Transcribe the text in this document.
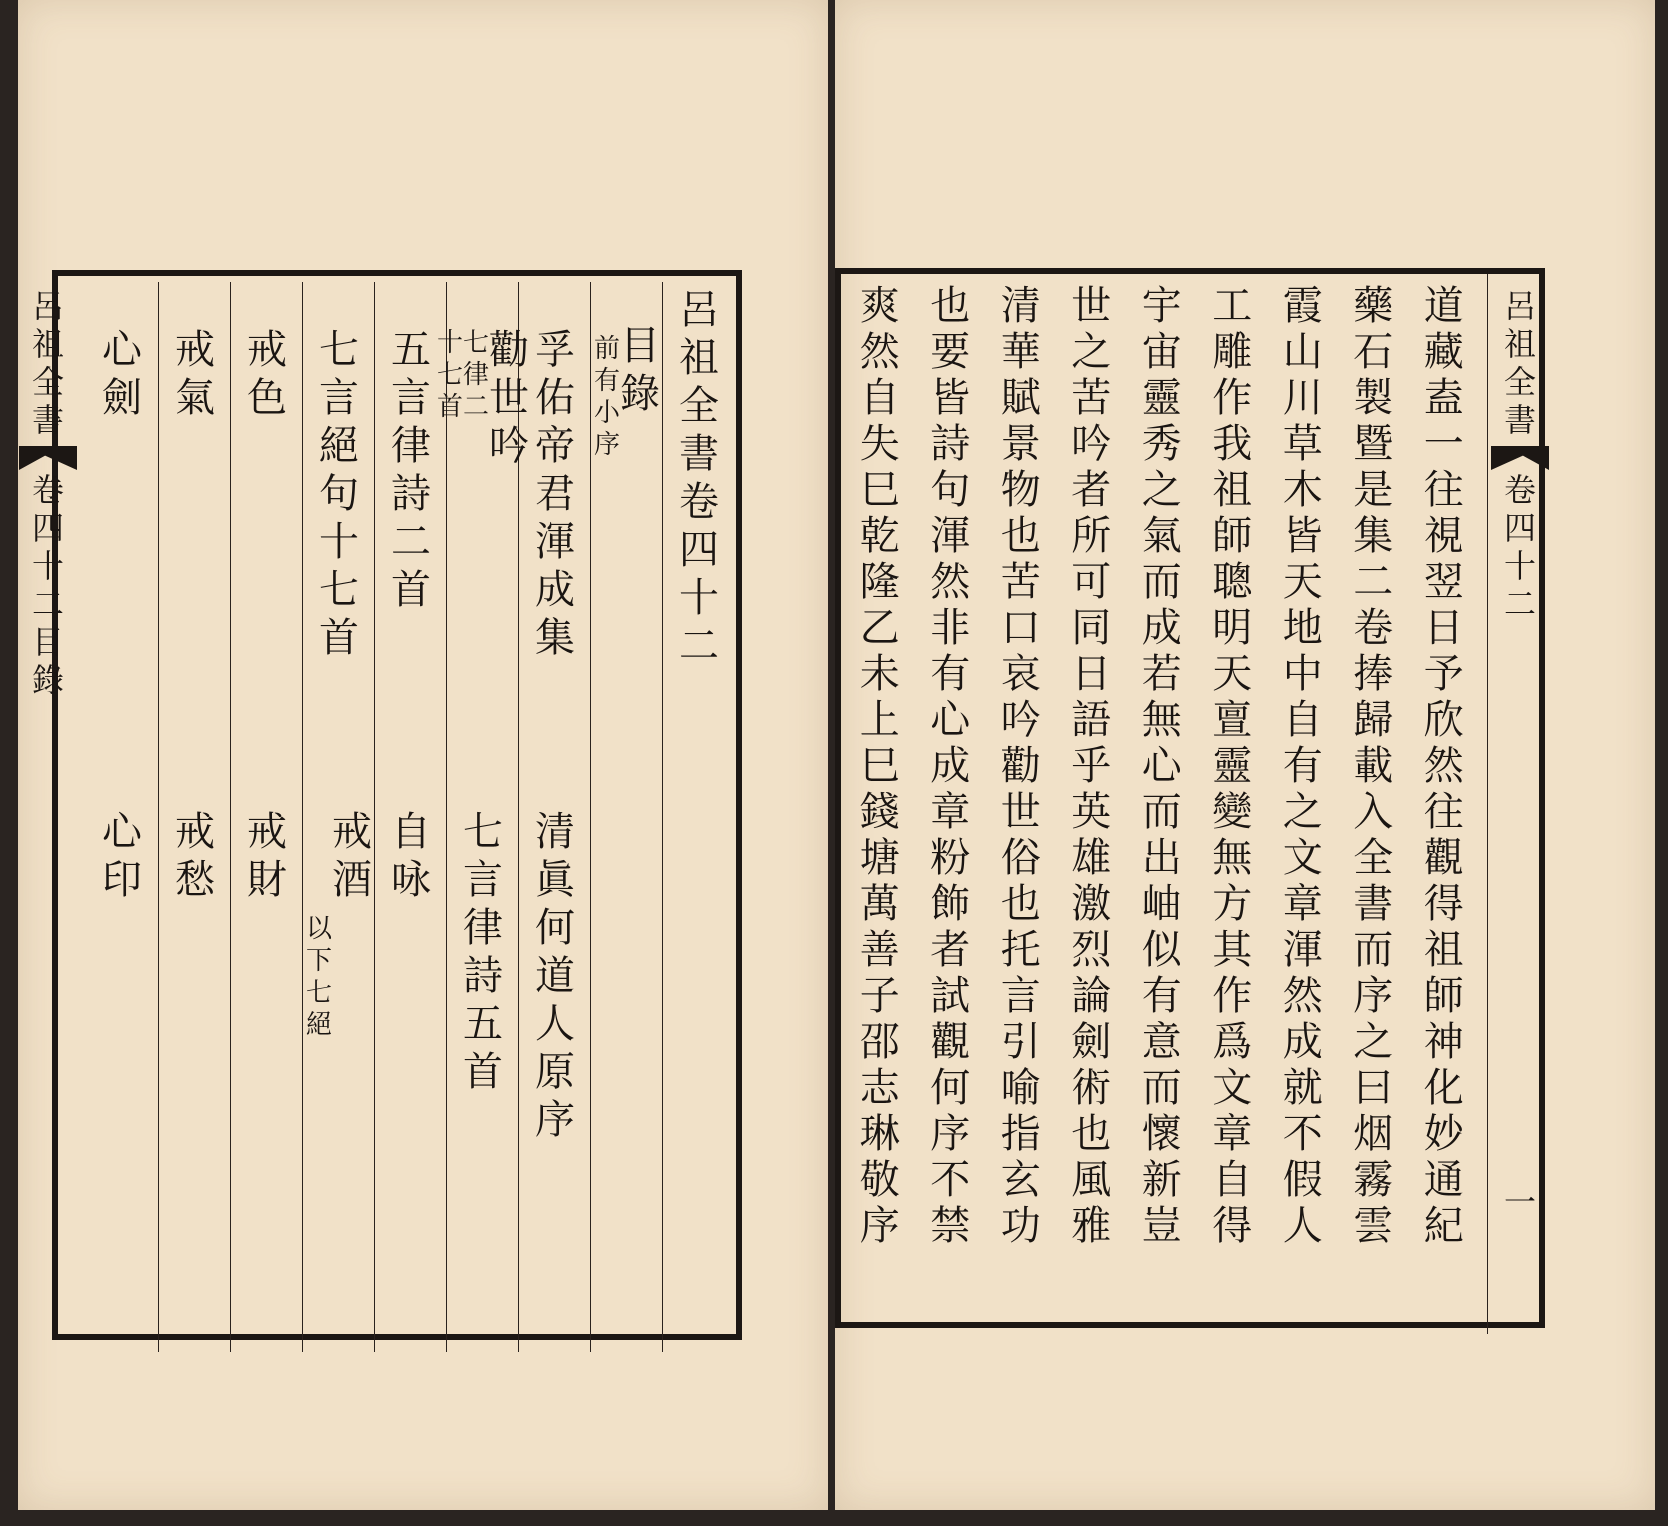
呂
祖
全
書
卷
四
十
二
目
錄
前
有
小
序
孚
佑
帝
君
渾
成
集
清
眞
何
道
人
原
序
勸
世
吟
七
律
二
十
七
首
七
言
律
詩
五
首
五
言
律
詩
二
首
自
咏
七
言
絕
句
十
七
首
戒
酒
以
下
七
絕
戒
色
戒
財
戒
氣
戒
愁
心
劍
心
印
呂
祖
全
書
卷
四
十
二
目
錄
道
藏
盍
一
往
視
翌
日
予
欣
然
往
觀
得
祖
師
神
化
妙
通
紀
藥
石
製
暨
是
集
二
卷
捧
歸
載
入
全
書
而
序
之
曰
烟
霧
雲
霞
山
川
草
木
皆
天
地
中
自
有
之
文
章
渾
然
成
就
不
假
人
工
雕
作
我
祖
師
聰
明
天
亶
靈
變
無
方
其
作
爲
文
章
自
得
宇
宙
靈
秀
之
氣
而
成
若
無
心
而
出
岫
似
有
意
而
懷
新
豈
世
之
苦
吟
者
所
可
同
日
語
乎
英
雄
激
烈
論
劍
術
也
風
雅
清
華
賦
景
物
也
苦
口
哀
吟
勸
世
俗
也
托
言
引
喻
指
玄
功
也
要
皆
詩
句
渾
然
非
有
心
成
章
粉
飾
者
試
觀
何
序
不
禁
爽
然
自
失
巳
乾
隆
乙
未
上
巳
錢
塘
萬
善
子
邵
志
琳
敬
序
呂
祖
全
書
卷
四
十
二
一
